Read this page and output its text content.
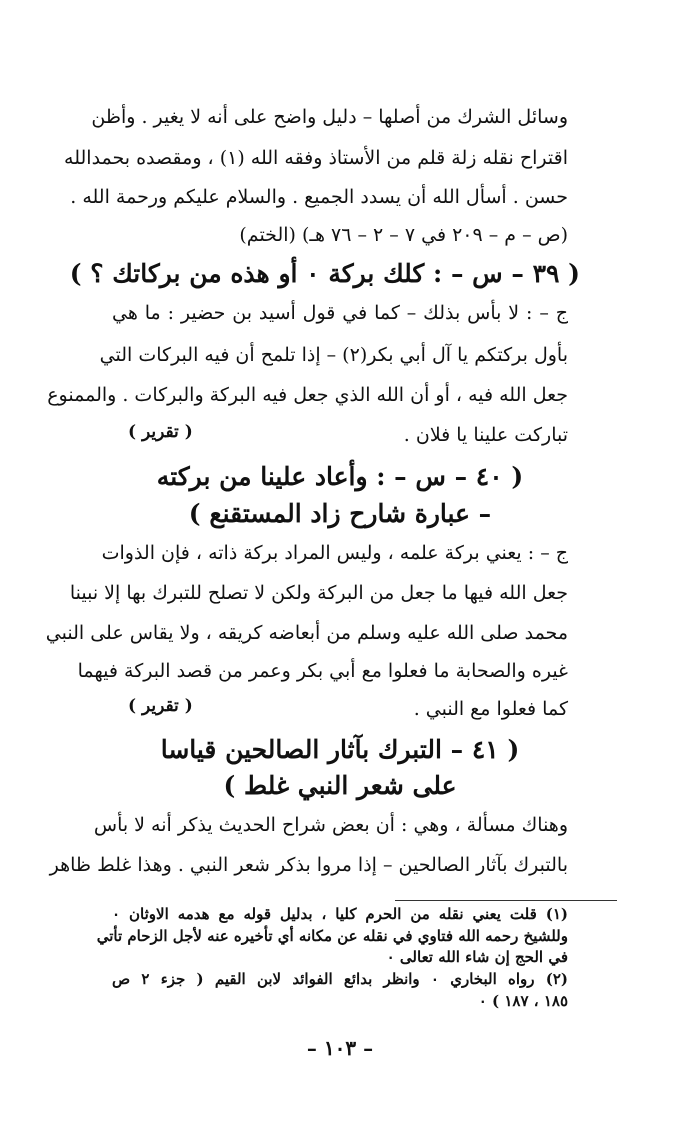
وسائل الشرك من أصلها – دليل واضح على أنه لا يغير . وأظن
اقتراح نقله زلة قلم من الأستاذ وفقه الله (١) ، ومقصده بحمدالله
حسن . أسأل الله أن يسدد الجميع . والسلام عليكم ورحمة الله .
(ص – م – ٢٠٩ في ٧ – ٢ – ٧٦ هـ) (الختم)
( ٣٩ – س – : كلك بركة ٠ أو هذه من بركاتك ؟ )
ج – : لا بأس بذلك – كما في قول أسيد بن حضير : ما هي
بأول بركتكم يا آل أبي بكر(٢) – إذا تلمح أن فيه البركات التي
جعل الله فيه ، أو أن الله الذي جعل فيه البركة والبركات . والممنوع
تباركت علينا يا فلان .
( تقرير )
( ٤٠ – س – : وأعاد علينا من بركته
– عبارة شارح زاد المستقنع )
ج – : يعني بركة علمه ، وليس المراد بركة ذاته ، فإن الذوات
جعل الله فيها ما جعل من البركة ولكن لا تصلح للتبرك بها إلا نبينا
محمد صلى الله عليه وسلم من أبعاضه كريقه ، ولا يقاس على النبي
غيره والصحابة ما فعلوا مع أبي بكر وعمر من قصد البركة فيهما
كما فعلوا مع النبي .
( تقرير )
( ٤١ – التبرك بآثار الصالحين قياسا
على شعر النبي غلط )
وهناك مسألة ، وهي : أن بعض شراح الحديث يذكر أنه لا بأس
بالتبرك بآثار الصالحين – إذا مروا بذكر شعر النبي . وهذا غلط ظاهر
(١) قلت يعني نقله من الحرم كليا ، بدليل قوله مع هدمه الاوثان ٠
وللشيخ رحمه الله فتاوي في نقله عن مكانه أي تأخيره عنه لأجل الزحام تأتي
في الحج إن شاء الله تعالى ٠
(٢) رواه البخاري ٠ وانظر بدائع الفوائد لابن القيم ( جزء ٢ ص
١٨٥ ، ١٨٧ ) ٠
– ١٠٣ –
